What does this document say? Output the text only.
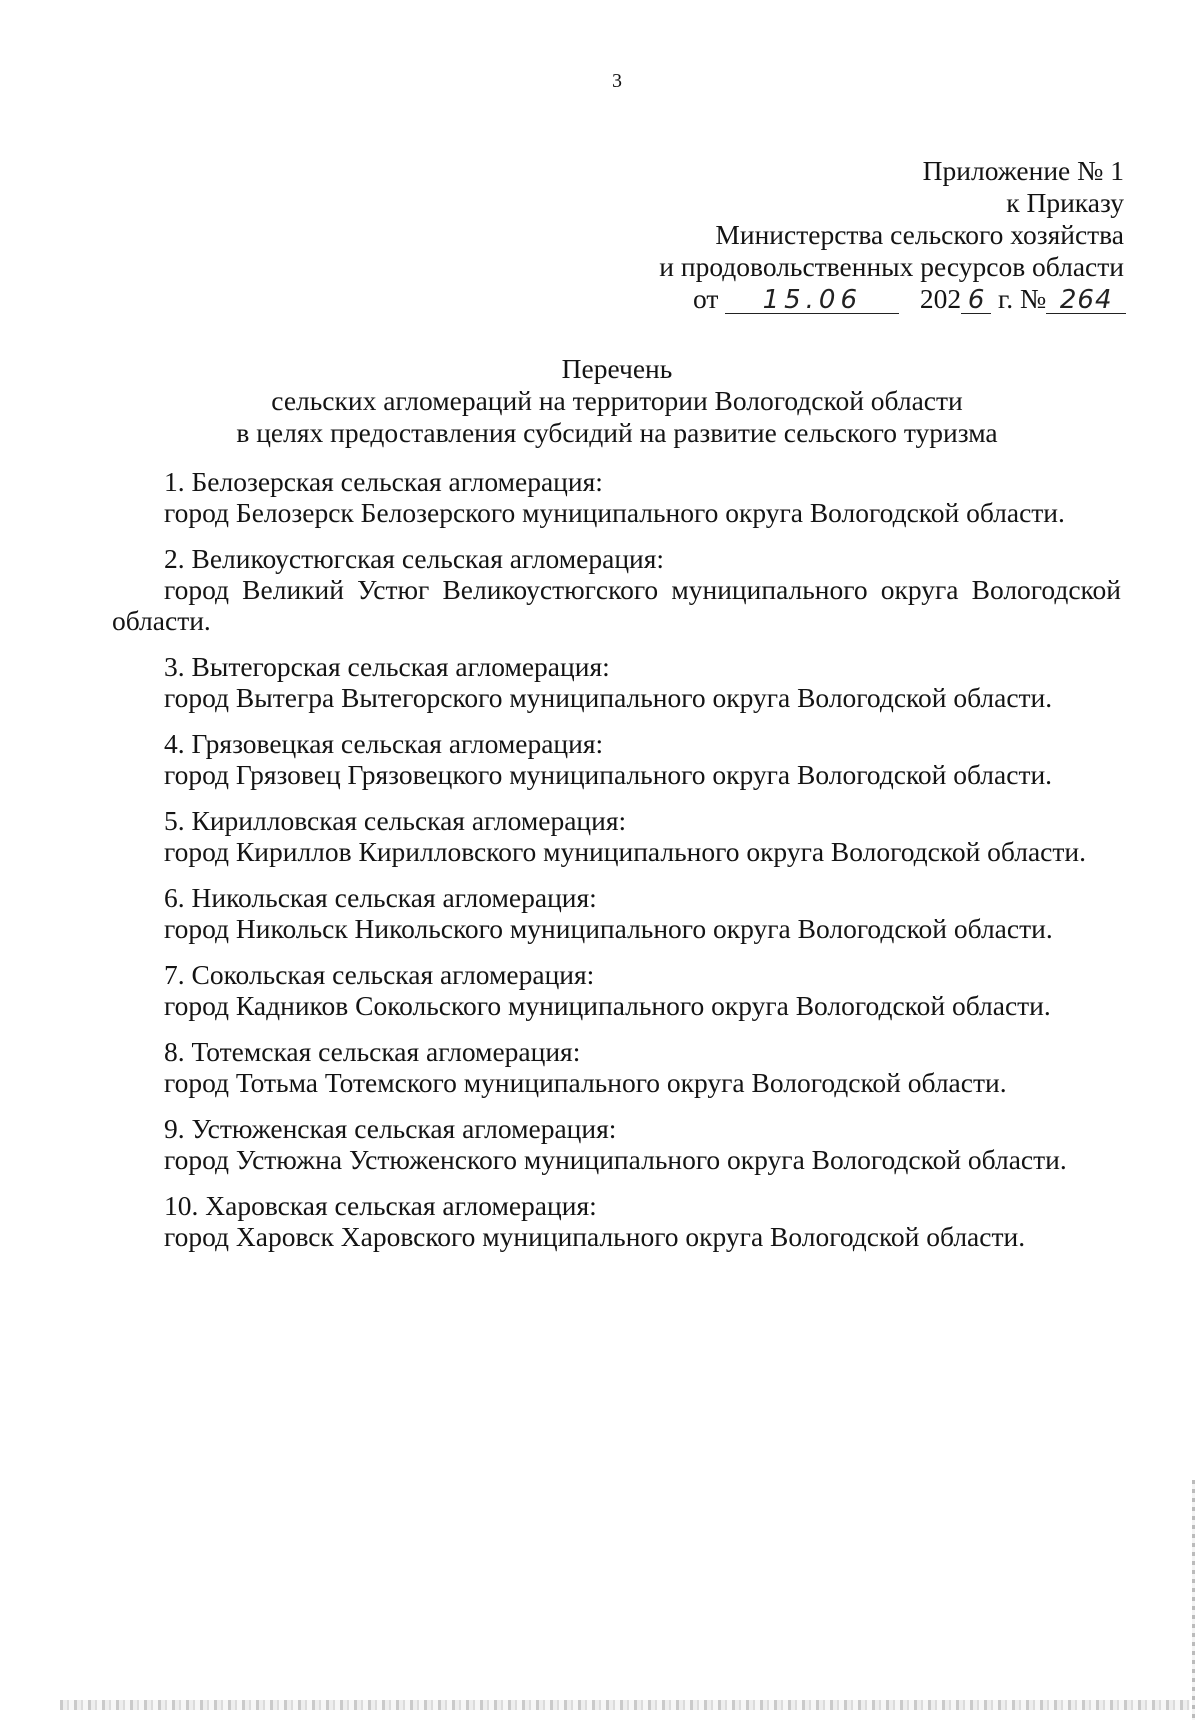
3
Приложение № 1
к Приказу
Министерства сельского хозяйства
и продовольственных ресурсов области
от 15.06 202 6 г. № 264
Перечень
сельских агломераций на территории Вологодской области
в целях предоставления субсидий на развитие сельского туризма
1. Белозерская сельская агломерация:
город Белозерск Белозерского муниципального округа Вологодской области.
2. Великоустюгская сельская агломерация:
город Великий Устюг Великоустюгского муниципального округа Вологодской области.
3. Вытегорская сельская агломерация:
город Вытегра Вытегорского муниципального округа Вологодской области.
4. Грязовецкая сельская агломерация:
город Грязовец Грязовецкого муниципального округа Вологодской области.
5. Кирилловская сельская агломерация:
город Кириллов Кирилловского муниципального округа Вологодской области.
6. Никольская сельская агломерация:
город Никольск Никольского муниципального округа Вологодской области.
7. Сокольская сельская агломерация:
город Кадников Сокольского муниципального округа Вологодской области.
8. Тотемская сельская агломерация:
город Тотьма Тотемского муниципального округа Вологодской области.
9. Устюженская сельская агломерация:
город Устюжна Устюженского муниципального округа Вологодской области.
10. Харовская сельская агломерация:
город Харовск Харовского муниципального округа Вологодской области.
